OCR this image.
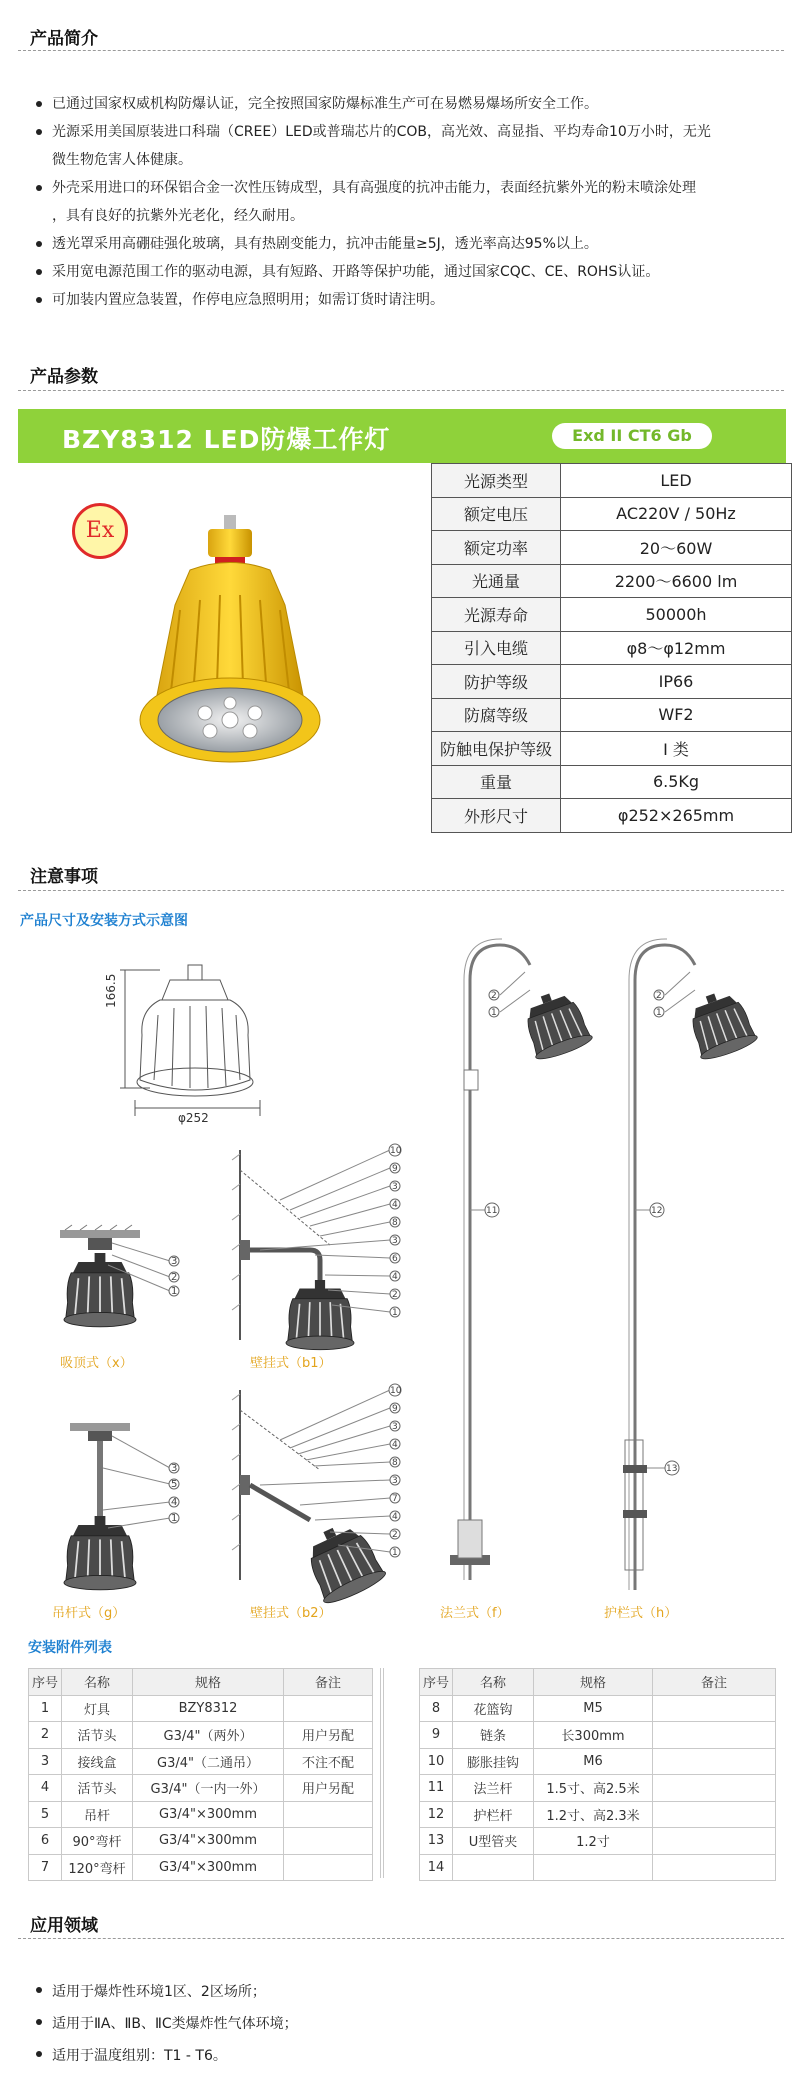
产品简介
已通过国家权威机构防爆认证，完全按照国家防爆标准生产可在易燃易爆场所安全工作。
光源采用美国原装进口科瑞（CREE）LED或普瑞芯片的COB，高光效、高显指、平均寿命10万小时，无光
微生物危害人体健康。
外壳采用进口的环保铝合金一次性压铸成型，具有高强度的抗冲击能力，表面经抗紫外光的粉末喷涂处理
，具有良好的抗紫外光老化，经久耐用。
透光罩采用高硼硅强化玻璃，具有热剧变能力，抗冲击能量≥5J，透光率高达95%以上。
采用宽电源范围工作的驱动电源，具有短路、开路等保护功能，通过国家CQC、CE、ROHS认证。
可加装内置应急装置，作停电应急照明用；如需订货时请注明。
产品参数
BZY8312 LED防爆工作灯	Exd II CT6 Gb
Ex
光源类型	LED
额定电压	AC220V / 50Hz
额定功率	20～60W
光通量	2200～6600 lm
光源寿命	50000h
引入电缆	φ8～φ12mm
防护等级	IP66
防腐等级	WF2
防触电保护等级	I 类
重量	6.5Kg
外形尺寸	φ252×265mm
注意事项
产品尺寸及安装方式示意图
166.5
φ252
3
2
1
吸顶式（x）
10
9
3
4
8
3
6
4
2
1
壁挂式（b1）
3
5
4
1
吊杆式（g）
10
9
3
4
8
3
7
4
2
1
壁挂式（b2）
2
1
11
法兰式（f）
2
1
12
13
护栏式（h）
安装附件列表
序号	名称	规格	备注
1	灯具	BZY8312	
2	活节头	G3/4"（两外）	用户另配
3	接线盒	G3/4"（二通吊）	不注不配
4	活节头	G3/4"（一内一外）	用户另配
5	吊杆	G3/4"×300mm	
6	90°弯杆	G3/4"×300mm	
7	120°弯杆	G3/4"×300mm	
序号	名称	规格	备注
8	花篮钩	M5	
9	链条	长300mm	
10	膨胀挂钩	M6	
11	法兰杆	1.5寸、高2.5米	
12	护栏杆	1.2寸、高2.3米	
13	U型管夹	1.2寸	
14			
应用领域
适用于爆炸性环境1区、2区场所；
适用于ⅡA、ⅡB、ⅡC类爆炸性气体环境；
适用于温度组别：T1 - T6。
